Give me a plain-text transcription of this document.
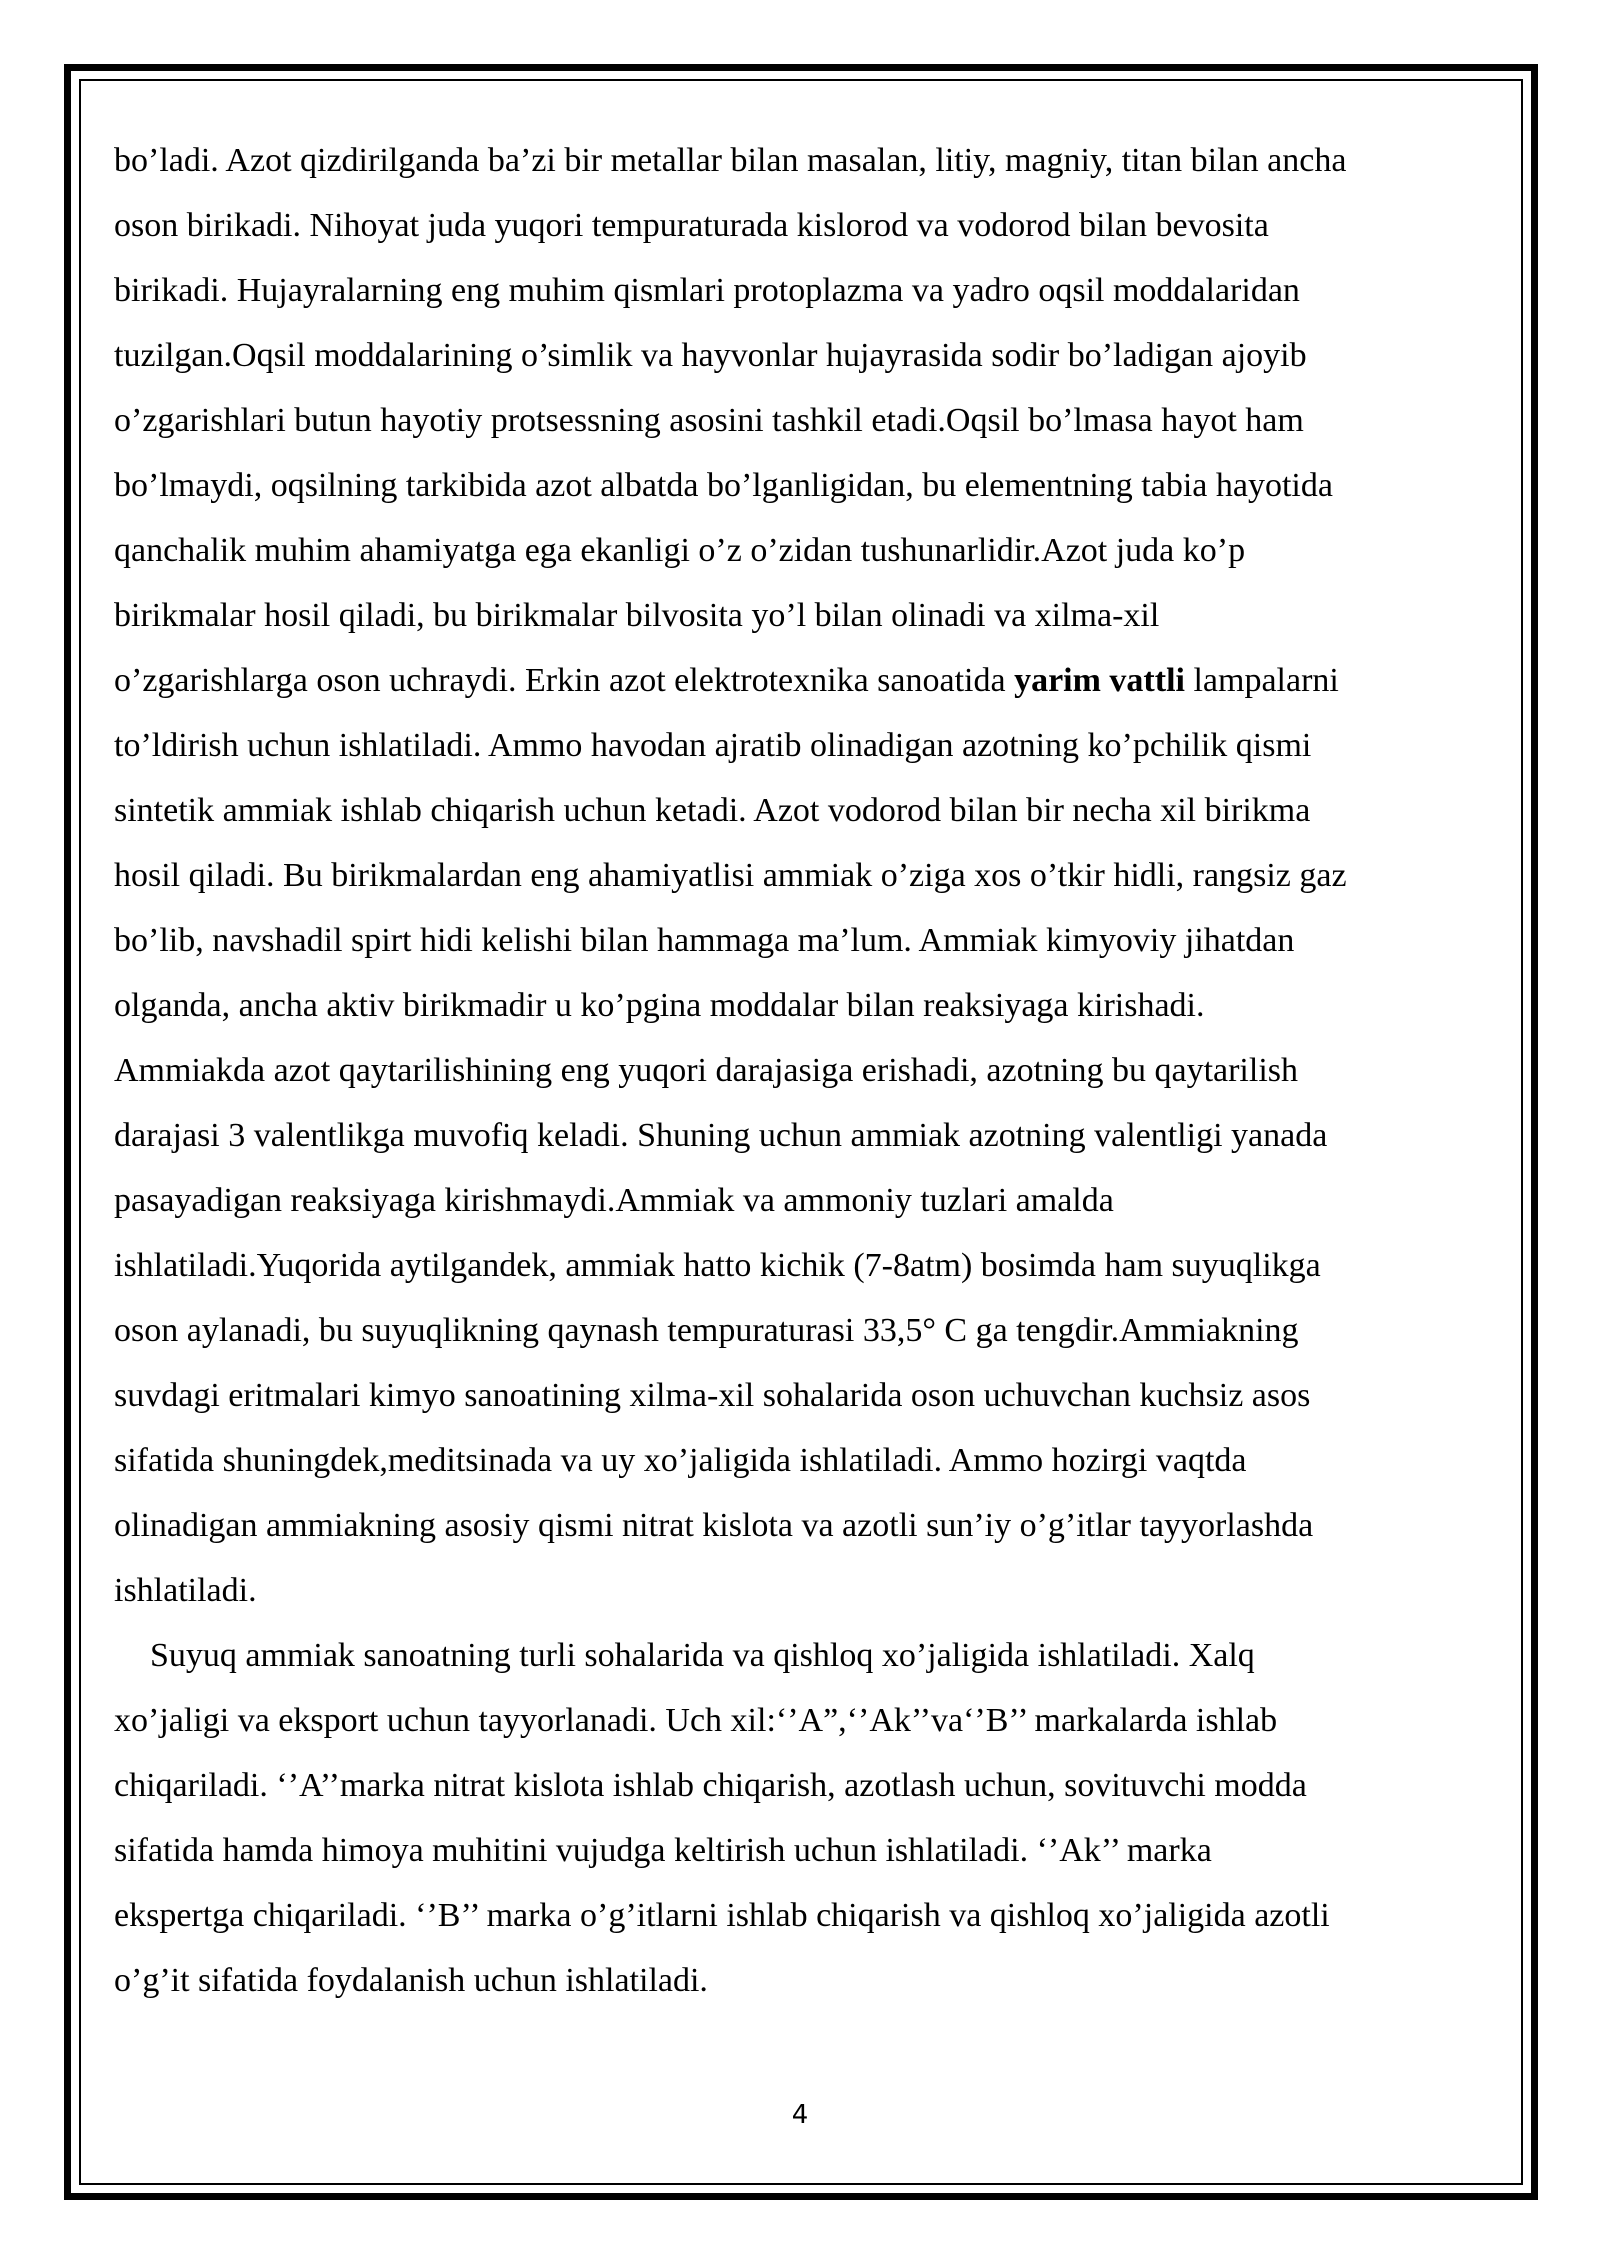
bo’ladi. Azot qizdirilganda ba’zi bir metallar bilan masalan, litiy, magniy, titan bilan ancha
oson birikadi. Nihoyat juda yuqori tempuraturada kislorod va vodorod bilan bevosita
birikadi. Hujayralarning eng muhim qismlari protoplazma va yadro oqsil moddalaridan
tuzilgan.Oqsil moddalarining o’simlik va hayvonlar hujayrasida sodir bo’ladigan ajoyib
o’zgarishlari butun hayotiy protsessning asosini tashkil etadi.Oqsil bo’lmasa hayot ham
bo’lmaydi, oqsilning tarkibida azot albatda bo’lganligidan, bu elementning tabia hayotida
qanchalik muhim ahamiyatga ega ekanligi o’z o’zidan tushunarlidir.Azot juda ko’p
birikmalar hosil qiladi, bu birikmalar bilvosita yo’l bilan olinadi va xilma-xil
o’zgarishlarga oson uchraydi. Erkin azot elektrotexnika sanoatida yarim vattli lampalarni
to’ldirish uchun ishlatiladi. Ammo havodan ajratib olinadigan azotning ko’pchilik qismi
sintetik ammiak ishlab chiqarish uchun ketadi. Azot vodorod bilan bir necha xil birikma
hosil qiladi. Bu birikmalardan eng ahamiyatlisi ammiak o’ziga xos o’tkir hidli, rangsiz gaz
bo’lib, navshadil spirt hidi kelishi bilan hammaga ma’lum. Ammiak kimyoviy jihatdan
olganda, ancha aktiv birikmadir u ko’pgina moddalar bilan reaksiyaga kirishadi.
Ammiakda azot qaytarilishining eng yuqori darajasiga erishadi, azotning bu qaytarilish
darajasi 3 valentlikga muvofiq keladi. Shuning uchun ammiak azotning valentligi yanada
pasayadigan reaksiyaga kirishmaydi.Ammiak va ammoniy tuzlari amalda
ishlatiladi.Yuqorida aytilgandek, ammiak hatto kichik (7-8atm) bosimda ham suyuqlikga
oson aylanadi, bu suyuqlikning qaynash tempuraturasi 33,5° C ga tengdir.Ammiakning
suvdagi eritmalari kimyo sanoatining xilma-xil sohalarida oson uchuvchan kuchsiz asos
sifatida shuningdek,meditsinada va uy xo’jaligida ishlatiladi. Ammo hozirgi vaqtda
olinadigan ammiakning asosiy qismi nitrat kislota va azotli sun’iy o’g’itlar tayyorlashda
ishlatiladi.
Suyuq ammiak sanoatning turli sohalarida va qishloq xo’jaligida ishlatiladi. Xalq
xo’jaligi va eksport uchun tayyorlanadi. Uch xil:‘’A”,‘’Ak’’va‘’B’’ markalarda ishlab
chiqariladi. ‘’A’’marka nitrat kislota ishlab chiqarish, azotlash uchun, sovituvchi modda
sifatida hamda himoya muhitini vujudga keltirish uchun ishlatiladi. ‘’Ak’’ marka
ekspertga chiqariladi. ‘’B’’ marka o’g’itlarni ishlab chiqarish va qishloq xo’jaligida azotli
o’g’it sifatida foydalanish uchun ishlatiladi.
4
